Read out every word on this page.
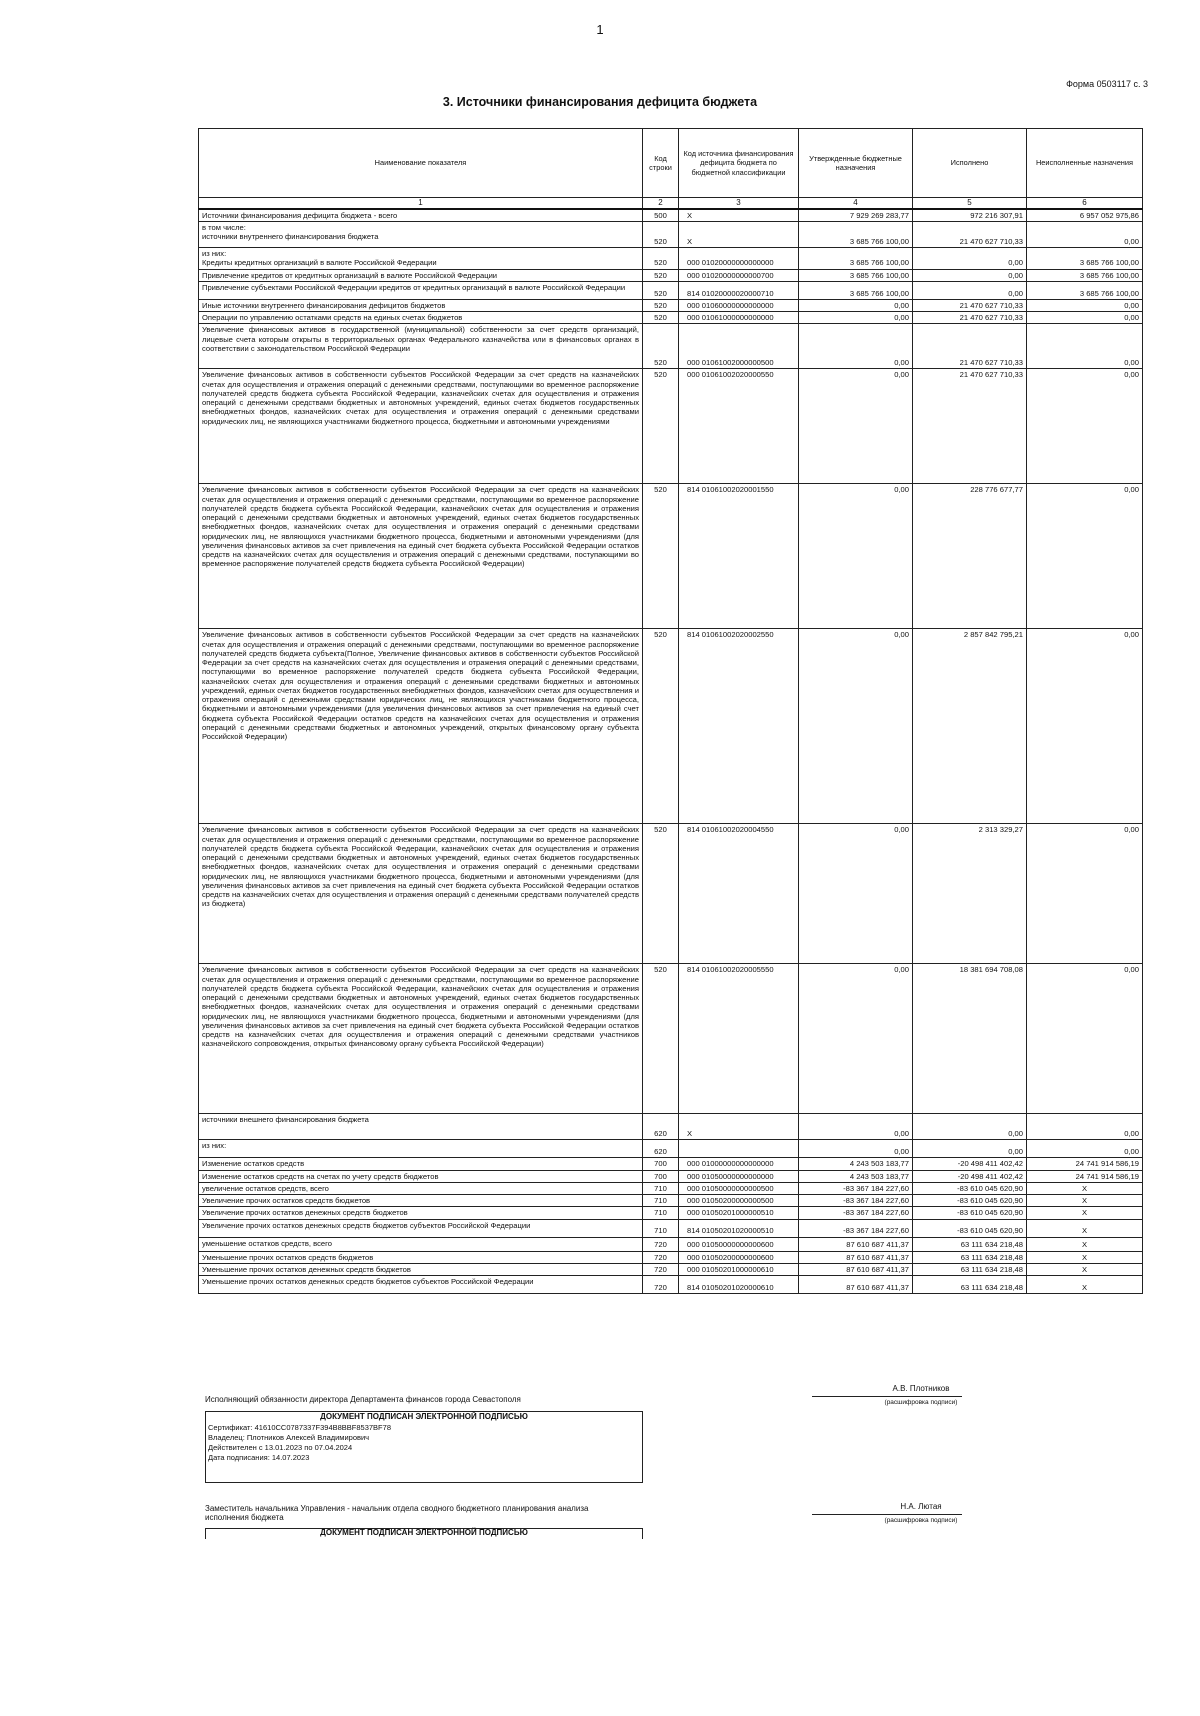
1
Форма 0503117 с. 3
3. Источники финансирования дефицита бюджета
Наименование показателя	Код строки	Код источника финансирования дефицита бюджета по бюджетной классификации	Утвержденные бюджетные назначения	Исполнено	Неисполненные назначения
1	2	3	4	5	6
Источники финансирования дефицита бюджета - всего	500	X	7 929 269 283,77	972 216 307,91	6 957 052 975,86
в том числе:
источники внутреннего финансирования бюджета	520	X	3 685 766 100,00	21 470 627 710,33	0,00
из них:
Кредиты кредитных организаций в валюте Российской Федерации	520	000 01020000000000000	3 685 766 100,00	0,00	3 685 766 100,00
Привлечение кредитов от кредитных организаций в валюте Российской Федерации	520	000 01020000000000700	3 685 766 100,00	0,00	3 685 766 100,00
Привлечение субъектами Российской Федерации кредитов от кредитных организаций в валюте Российской Федерации	520	814 01020000020000710	3 685 766 100,00	0,00	3 685 766 100,00
Иные источники внутреннего финансирования дефицитов бюджетов	520	000 01060000000000000	0,00	21 470 627 710,33	0,00
Операции по управлению остатками средств на единых счетах бюджетов	520	000 01061000000000000	0,00	21 470 627 710,33	0,00
Увеличение финансовых активов в государственной (муниципальной) собственности за счет средств организаций, лицевые счета которым открыты в территориальных органах Федерального казначейства или в финансовых органах в соответствии с законодательством Российской Федерации	520	000 01061002000000500	0,00	21 470 627 710,33	0,00
Увеличение финансовых активов в собственности субъектов Российской Федерации за счет средств на казначейских счетах для осуществления и отражения операций с денежными средствами, поступающими во временное распоряжение получателей средств бюджета субъекта Российской Федерации, казначейских счетах для осуществления и отражения операций с денежными средствами бюджетных и автономных учреждений, единых счетах бюджетов государственных внебюджетных фондов, казначейских счетах для осуществления и отражения операций с денежными средствами юридических лиц, не являющихся участниками бюджетного процесса, бюджетными и автономными учреждениями	520	000 01061002020000550	0,00	21 470 627 710,33	0,00
Увеличение финансовых активов в собственности субъектов Российской Федерации за счет средств на казначейских счетах для осуществления и отражения операций с денежными средствами, поступающими во временное распоряжение получателей средств бюджета субъекта Российской Федерации, казначейских счетах для осуществления и отражения операций с денежными средствами бюджетных и автономных учреждений, единых счетах бюджетов государственных внебюджетных фондов, казначейских счетах для осуществления и отражения операций с денежными средствами юридических лиц, не являющихся участниками бюджетного процесса, бюджетными и автономными учреждениями (для увеличения финансовых активов за счет привлечения на единый счет бюджета субъекта Российской Федерации остатков средств на казначейских счетах для осуществления и отражения операций с денежными средствами, поступающими во временное распоряжение получателей средств бюджета субъекта Российской Федерации)	520	814 01061002020001550	0,00	228 776 677,77	0,00
Увеличение финансовых активов в собственности субъектов Российской Федерации за счет средств на казначейских счетах для осуществления и отражения операций с денежными средствами, поступающими во временное распоряжение получателей средств бюджета субъекта(Полное, Увеличение финансовых активов в собственности субъектов Российской Федерации за счет средств на казначейских счетах для осуществления и отражения операций с денежными средствами, поступающими во временное распоряжение получателей средств бюджета субъекта Российской Федерации, казначейских счетах для осуществления и отражения операций с денежными средствами бюджетных и автономных учреждений, единых счетах бюджетов государственных внебюджетных фондов, казначейских счетах для осуществления и отражения операций с денежными средствами юридических лиц, не являющихся участниками бюджетного процесса, бюджетными и автономными учреждениями (для увеличения финансовых активов за счет привлечения на единый счет бюджета субъекта Российской Федерации остатков средств на казначейских счетах для осуществления и отражения операций с денежными средствами бюджетных и автономных учреждений, открытых финансовому органу субъекта Российской Федерации)	520	814 01061002020002550	0,00	2 857 842 795,21	0,00
Увеличение финансовых активов в собственности субъектов Российской Федерации за счет средств на казначейских счетах для осуществления и отражения операций с денежными средствами, поступающими во временное распоряжение получателей средств бюджета субъекта Российской Федерации, казначейских счетах для осуществления и отражения операций с денежными средствами бюджетных и автономных учреждений, единых счетах бюджетов государственных внебюджетных фондов, казначейских счетах для осуществления и отражения операций с денежными средствами юридических лиц, не являющихся участниками бюджетного процесса, бюджетными и автономными учреждениями (для увеличения финансовых активов за счет привлечения на единый счет бюджета субъекта Российской Федерации остатков средств на казначейских счетах для осуществления и отражения операций с денежными средствами получателей средств из бюджета)	520	814 01061002020004550	0,00	2 313 329,27	0,00
Увеличение финансовых активов в собственности субъектов Российской Федерации за счет средств на казначейских счетах для осуществления и отражения операций с денежными средствами, поступающими во временное распоряжение получателей средств бюджета субъекта Российской Федерации, казначейских счетах для осуществления и отражения операций с денежными средствами бюджетных и автономных учреждений, единых счетах бюджетов государственных внебюджетных фондов, казначейских счетах для осуществления и отражения операций с денежными средствами юридических лиц, не являющихся участниками бюджетного процесса, бюджетными и автономными учреждениями (для увеличения финансовых активов за счет привлечения на единый счет бюджета субъекта Российской Федерации остатков средств на казначейских счетах для осуществления и отражения операций с денежными средствами участников казначейского сопровождения, открытых финансовому органу субъекта Российской Федерации)	520	814 01061002020005550	0,00	18 381 694 708,08	0,00
источники внешнего финансирования бюджета	620	X	0,00	0,00	0,00
из них:	620		0,00	0,00	0,00
Изменение остатков средств	700	000 01000000000000000	4 243 503 183,77	-20 498 411 402,42	24 741 914 586,19
Изменение остатков средств на счетах по учету средств бюджетов	700	000 01050000000000000	4 243 503 183,77	-20 498 411 402,42	24 741 914 586,19
увеличение остатков средств, всего	710	000 01050000000000500	-83 367 184 227,60	-83 610 045 620,90	X
Увеличение прочих остатков средств бюджетов	710	000 01050200000000500	-83 367 184 227,60	-83 610 045 620,90	X
Увеличение прочих остатков денежных средств бюджетов	710	000 01050201000000510	-83 367 184 227,60	-83 610 045 620,90	X
Увеличение прочих остатков денежных средств бюджетов субъектов Российской Федерации	710	814 01050201020000510	-83 367 184 227,60	-83 610 045 620,90	X
уменьшение остатков средств, всего	720	000 01050000000000600	87 610 687 411,37	63 111 634 218,48	X
Уменьшение прочих остатков средств бюджетов	720	000 01050200000000600	87 610 687 411,37	63 111 634 218,48	X
Уменьшение прочих остатков денежных средств бюджетов	720	000 01050201000000610	87 610 687 411,37	63 111 634 218,48	X
Уменьшение прочих остатков денежных средств бюджетов субъектов Российской Федерации	720	814 01050201020000610	87 610 687 411,37	63 111 634 218,48	X
Исполняющий обязанности директора Департамента финансов города Севастополя
А.В. Плотников
(расшифровка подписи)
ДОКУМЕНТ ПОДПИСАН ЭЛЕКТРОННОЙ ПОДПИСЬЮ
Сертификат: 41610CC0787337F394B8BBF8537BF78
Владелец: Плотников Алексей Владимирович
Действителен с 13.01.2023 по 07.04.2024
Дата подписания: 14.07.2023
Заместитель начальника Управления - начальник отдела сводного бюджетного планирования анализа исполнения бюджета
Н.А. Лютая
(расшифровка подписи)
ДОКУМЕНТ ПОДПИСАН ЭЛЕКТРОННОЙ ПОДПИСЬЮ
